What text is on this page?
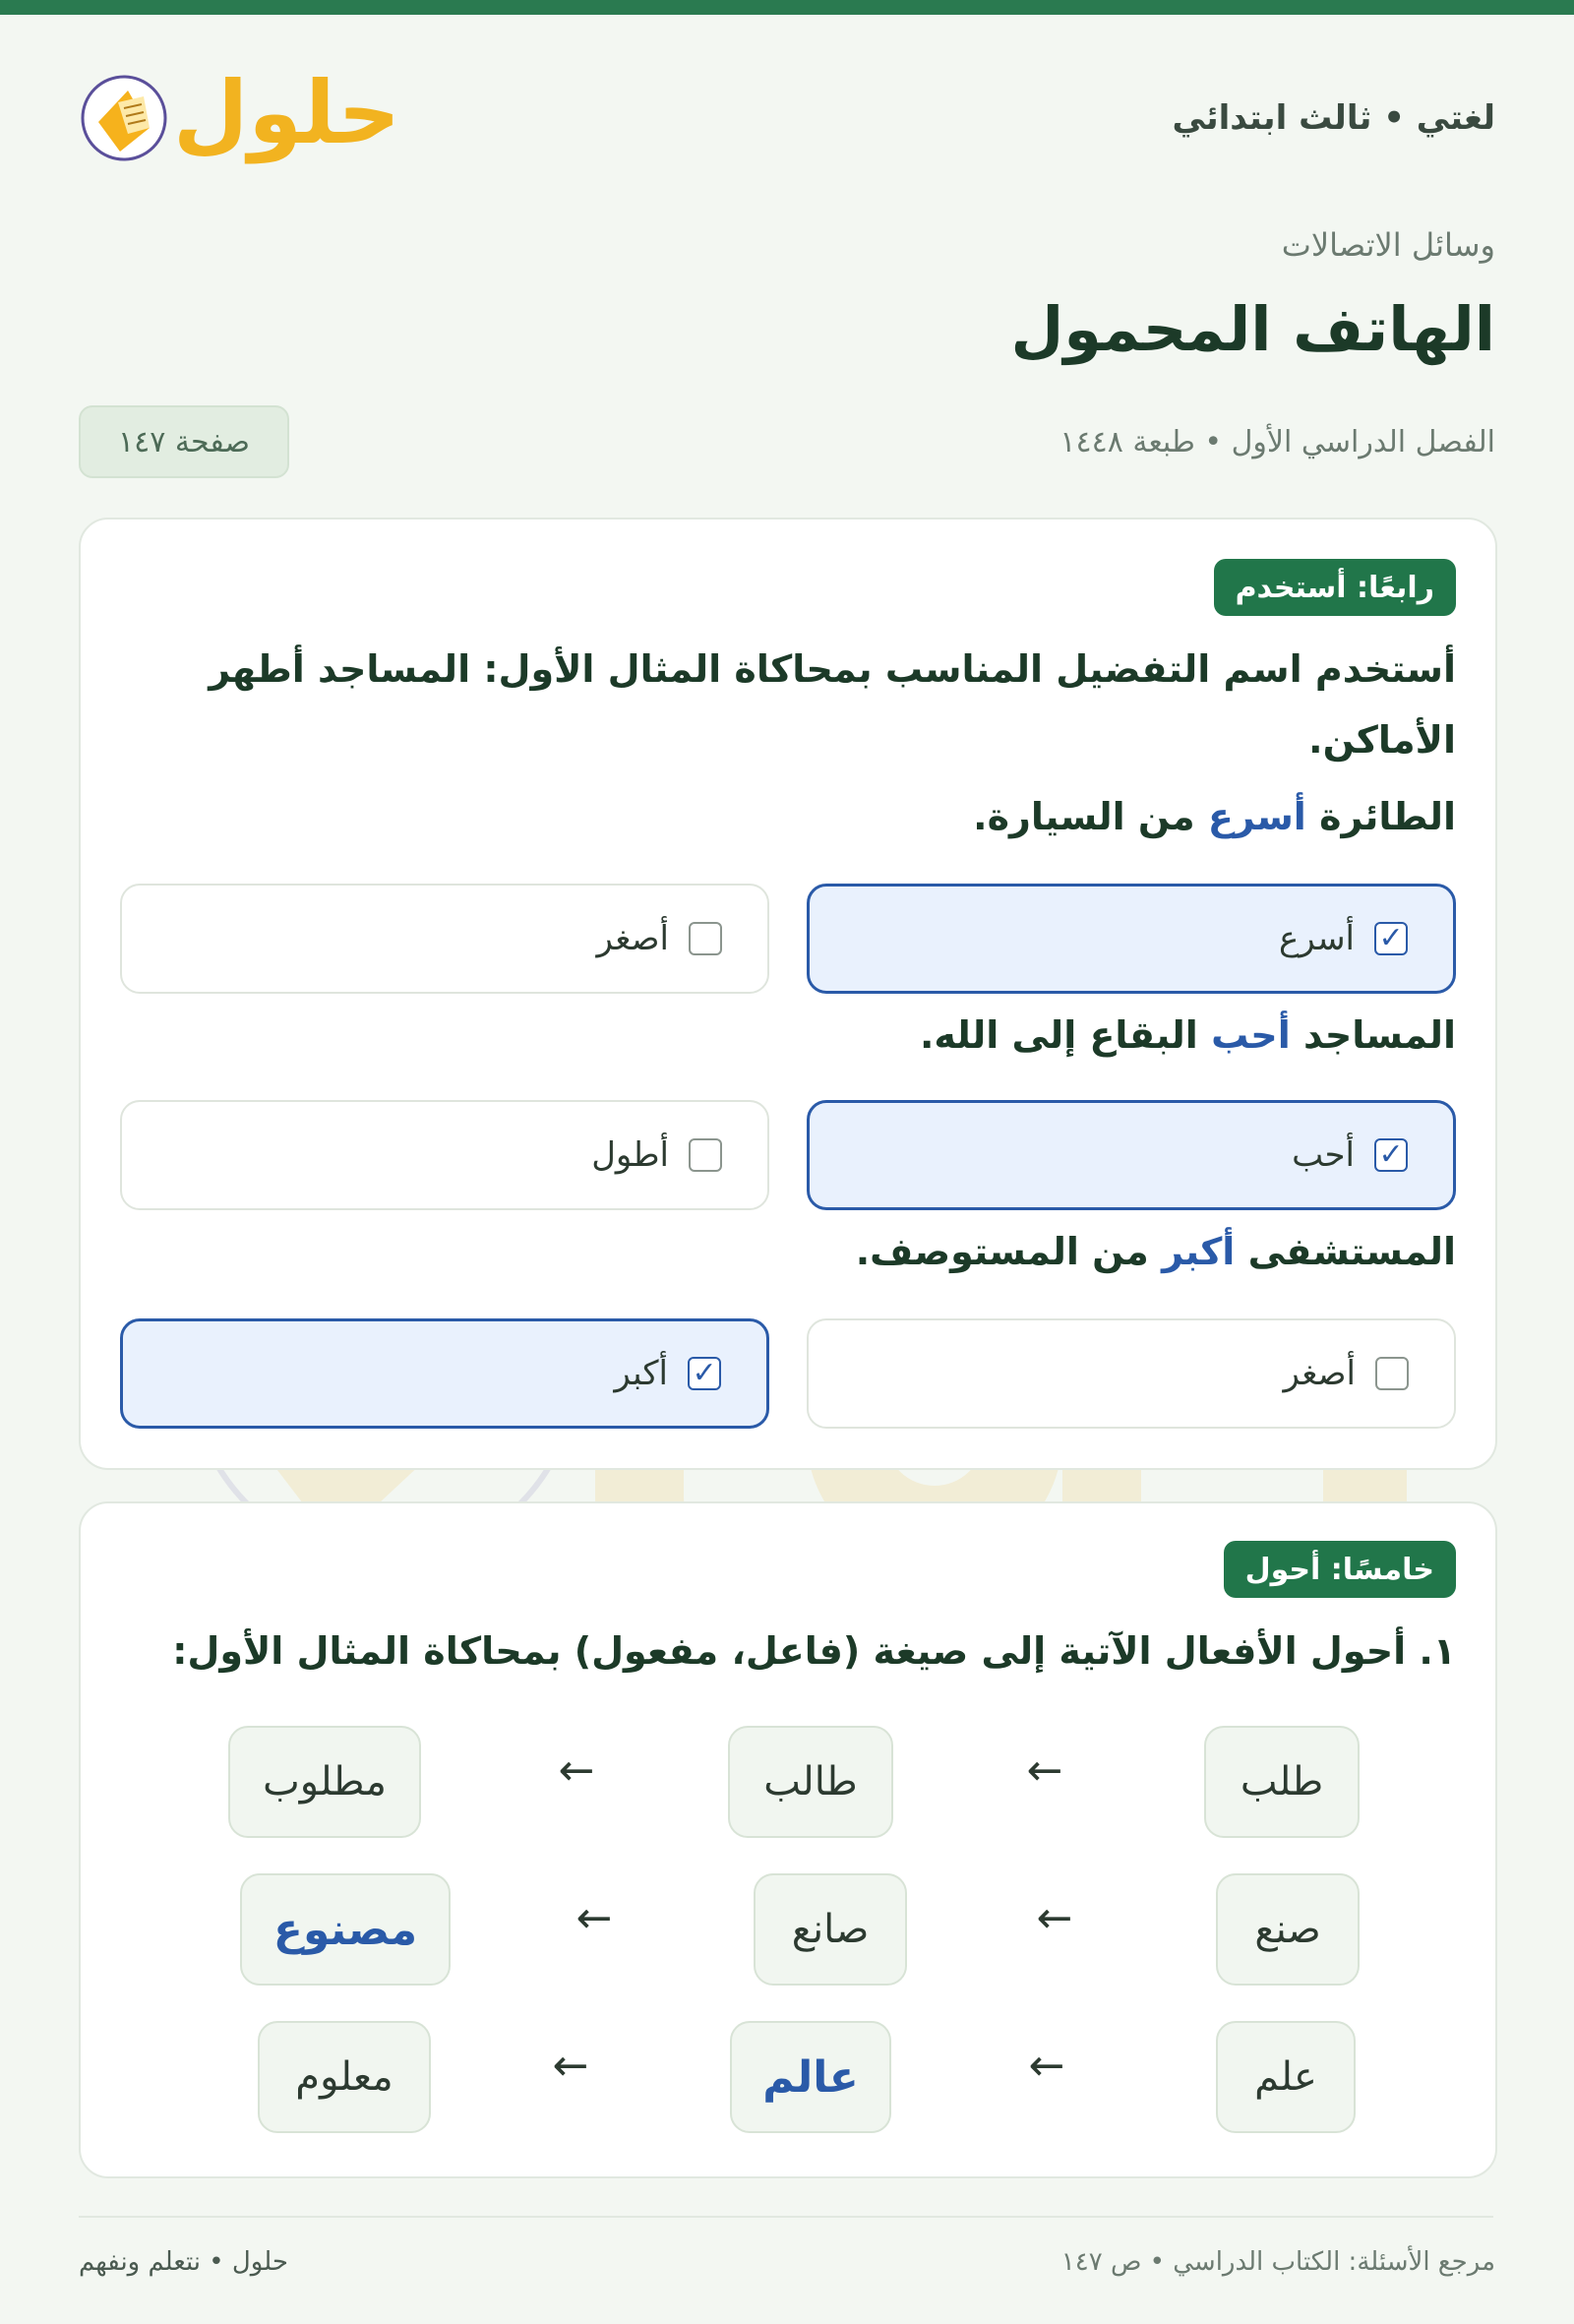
لغتي • ثالث ابتدائي
حلول
وسائل الاتصالات
الهاتف المحمول
الفصل الدراسي الأول • طبعة ١٤٤٨
صفحة ١٤٧
رابعًا: أستخدم
أستخدم اسم التفضيل المناسب بمحاكاة المثال الأول: المساجد أطهر الأماكن.
الطائرة أسرع من السيارة.
✓
أسرع
أصغر
المساجد أحب البقاع إلى الله.
✓
أحب
أطول
المستشفى أكبر من المستوصف.
أصغر
✓
أكبر
خامسًا: أحول
١. أحول الأفعال الآتية إلى صيغة (فاعل، مفعول) بمحاكاة المثال الأول:
طلب
←
طالب
←
مطلوب
صنع
←
صانع
←
مصنوع
علم
←
عالم
←
معلوم
مرجع الأسئلة: الكتاب الدراسي • ص ١٤٧
حلول • نتعلم ونفهم
